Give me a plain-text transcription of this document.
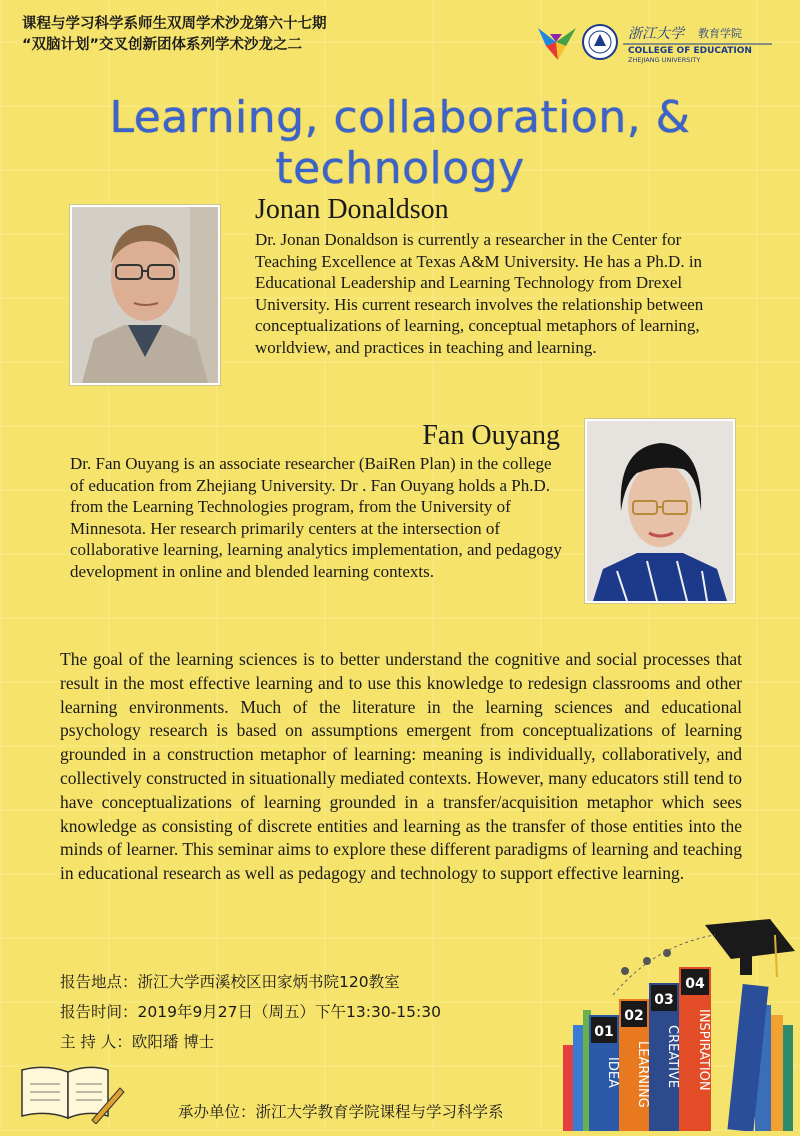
课程与学习科学系师生双周学术沙龙第六十七期
“双脑计划”交叉创新团体系列学术沙龙之二
浙江大学 教育学院
COLLEGE OF EDUCATION
ZHEJIANG UNIVERSITY
Learning, collaboration, & technology
Jonan Donaldson
Dr. Jonan Donaldson is currently a researcher in the Center for Teaching Excellence at Texas A&M University. He has a Ph.D. in Educational Leadership and Learning Technology from Drexel University. His current research involves the relationship between conceptualizations of learning, conceptual metaphors of learning, worldview, and practices in teaching and learning.
Fan Ouyang
Dr. Fan Ouyang is an associate researcher (BaiRen Plan) in the college of education from Zhejiang University. Dr . Fan Ouyang holds a Ph.D. from the Learning Technologies program, from the University of Minnesota. Her research primarily centers at the intersection of collaborative learning, learning analytics implementation, and pedagogy development in online and blended learning contexts.
The goal of the learning sciences is to better understand the cognitive and social processes that result in the most effective learning and to use this knowledge to redesign classrooms and other learning environments. Much of the literature in the learning sciences and educational psychology research is based on assumptions emergent from conceptualizations of learning grounded in a construction metaphor of learning: meaning is individually, collaboratively, and collectively constructed in situationally mediated contexts. However, many educators still tend to have conceptualizations of learning grounded in a transfer/acquisition metaphor which sees knowledge as consisting of discrete entities and learning as the transfer of those entities into the minds of learner. This seminar aims to explore these different paradigms of learning and teaching in educational research as well as pedagogy and technology to support effective learning.
报告地点：浙江大学西溪校区田家炳书院120教室
报告时间：2019年9月27日（周五）下午13:30-15:30
主 持 人：欧阳璠 博士
承办单位：浙江大学教育学院课程与学习科学系
01
02
03
04
IDEA LEARNING CREATIVE INSPIRATION
